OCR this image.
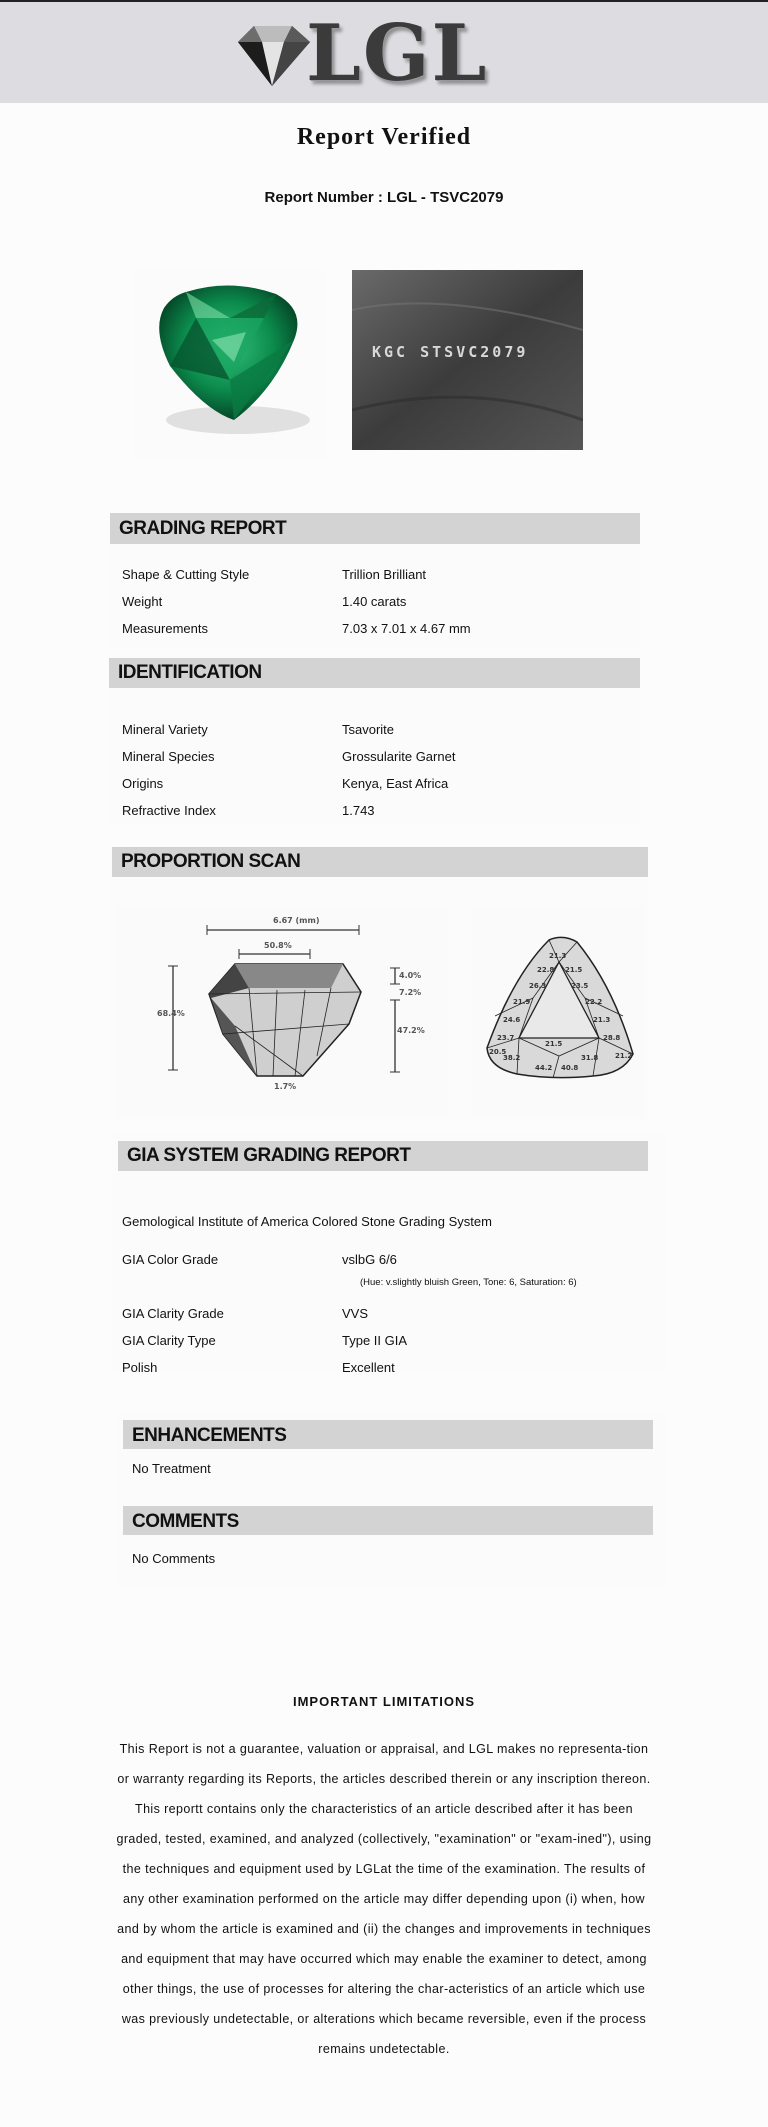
LGL
Report Verified
Report Number : LGL - TSVC2079
KGC STSVC2079
GRADING REPORT
Shape & Cutting Style	Trillion Brilliant
Weight	1.40 carats
Measurements	7.03 x 7.01 x 4.67 mm
IDENTIFICATION
Mineral Variety	Tsavorite
Mineral Species	Grossularite Garnet
Origins	Kenya, East Africa
Refractive Index	1.743
PROPORTION SCAN
6.67 (mm)
50.8%
68.4%
4.0%
7.2%
47.2%
1.7%
21.3
22.8 21.5
26.3	23.5
21.9	22.2
24.6	21.3
23.7	28.8
31.8
38.2
40.8
44.2
21.2
20.5
21.5
GIA SYSTEM GRADING REPORT
Gemological Institute of America Colored Stone Grading System
GIA Color Grade	vslbG 6/6
(Hue: v.slightly bluish Green, Tone: 6, Saturation: 6)
GIA Clarity Grade	VVS
GIA Clarity Type	Type II GIA
Polish	Excellent
ENHANCEMENTS
No Treatment
COMMENTS
No Comments
IMPORTANT LIMITATIONS
This Report is not a guarantee, valuation or appraisal, and LGL makes no representa-tion or warranty regarding its Reports, the articles described therein or any inscription thereon. This reportt contains only the characteristics of an article described after it has been graded, tested, examined, and analyzed (collectively, "examination" or "exam-ined"), using the techniques and equipment used by LGLat the time of the examination. The results of any other examination performed on the article may differ depending upon (i) when, how and by whom the article is examined and (ii) the changes and improvements in techniques and equipment that may have occurred which may enable the examiner to detect, among other things, the use of processes for altering the char-acteristics of an article which use was previously undetectable, or alterations which became reversible, even if the process remains undetectable.
